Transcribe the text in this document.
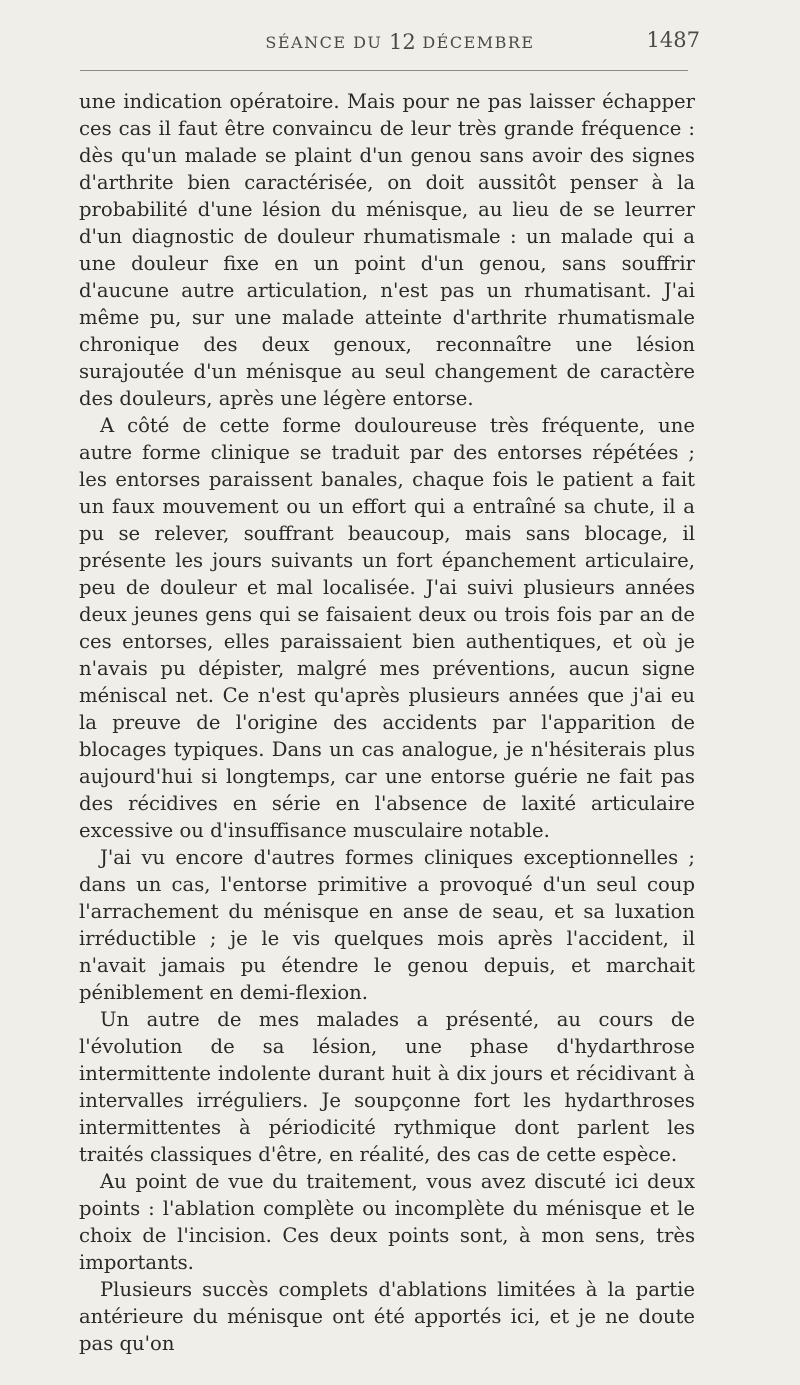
SÉANCE DU 12 DÉCEMBRE	1487

une indication opératoire. Mais pour ne pas laisser échapper ces cas il faut être convaincu de leur très grande fréquence : dès qu'un malade se plaint d'un genou sans avoir des signes d'arthrite bien caractérisée, on doit aussitôt penser à la probabilité d'une lésion du ménisque, au lieu de se leurrer d'un diagnostic de douleur rhumatismale : un malade qui a une douleur fixe en un point d'un genou, sans souffrir d'aucune autre articulation, n'est pas un rhumatisant. J'ai même pu, sur une malade atteinte d'arthrite rhumatismale chronique des deux genoux, reconnaître une lésion surajoutée d'un ménisque au seul changement de caractère des douleurs, après une légère entorse.

A côté de cette forme douloureuse très fréquente, une autre forme clinique se traduit par des entorses répétées ; les entorses paraissent banales, chaque fois le patient a fait un faux mouvement ou un effort qui a entraîné sa chute, il a pu se relever, souffrant beaucoup, mais sans blocage, il présente les jours suivants un fort épanchement articulaire, peu de douleur et mal localisée. J'ai suivi plusieurs années deux jeunes gens qui se faisaient deux ou trois fois par an de ces entorses, elles paraissaient bien authentiques, et où je n'avais pu dépister, malgré mes préventions, aucun signe méniscal net. Ce n'est qu'après plusieurs années que j'ai eu la preuve de l'origine des accidents par l'apparition de blocages typiques. Dans un cas analogue, je n'hésiterais plus aujourd'hui si longtemps, car une entorse guérie ne fait pas des récidives en série en l'absence de laxité articulaire excessive ou d'insuffisance musculaire notable.

J'ai vu encore d'autres formes cliniques exceptionnelles ; dans un cas, l'entorse primitive a provoqué d'un seul coup l'arrachement du ménisque en anse de seau, et sa luxation irréductible ; je le vis quelques mois après l'accident, il n'avait jamais pu étendre le genou depuis, et marchait péniblement en demi-flexion.

Un autre de mes malades a présenté, au cours de l'évolution de sa lésion, une phase d'hydarthrose intermittente indolente durant huit à dix jours et récidivant à intervalles irréguliers. Je soupçonne fort les hydarthroses intermittentes à périodicité rythmique dont parlent les traités classiques d'être, en réalité, des cas de cette espèce.

Au point de vue du traitement, vous avez discuté ici deux points : l'ablation complète ou incomplète du ménisque et le choix de l'incision. Ces deux points sont, à mon sens, très importants.

Plusieurs succès complets d'ablations limitées à la partie antérieure du ménisque ont été apportés ici, et je ne doute pas qu'on
